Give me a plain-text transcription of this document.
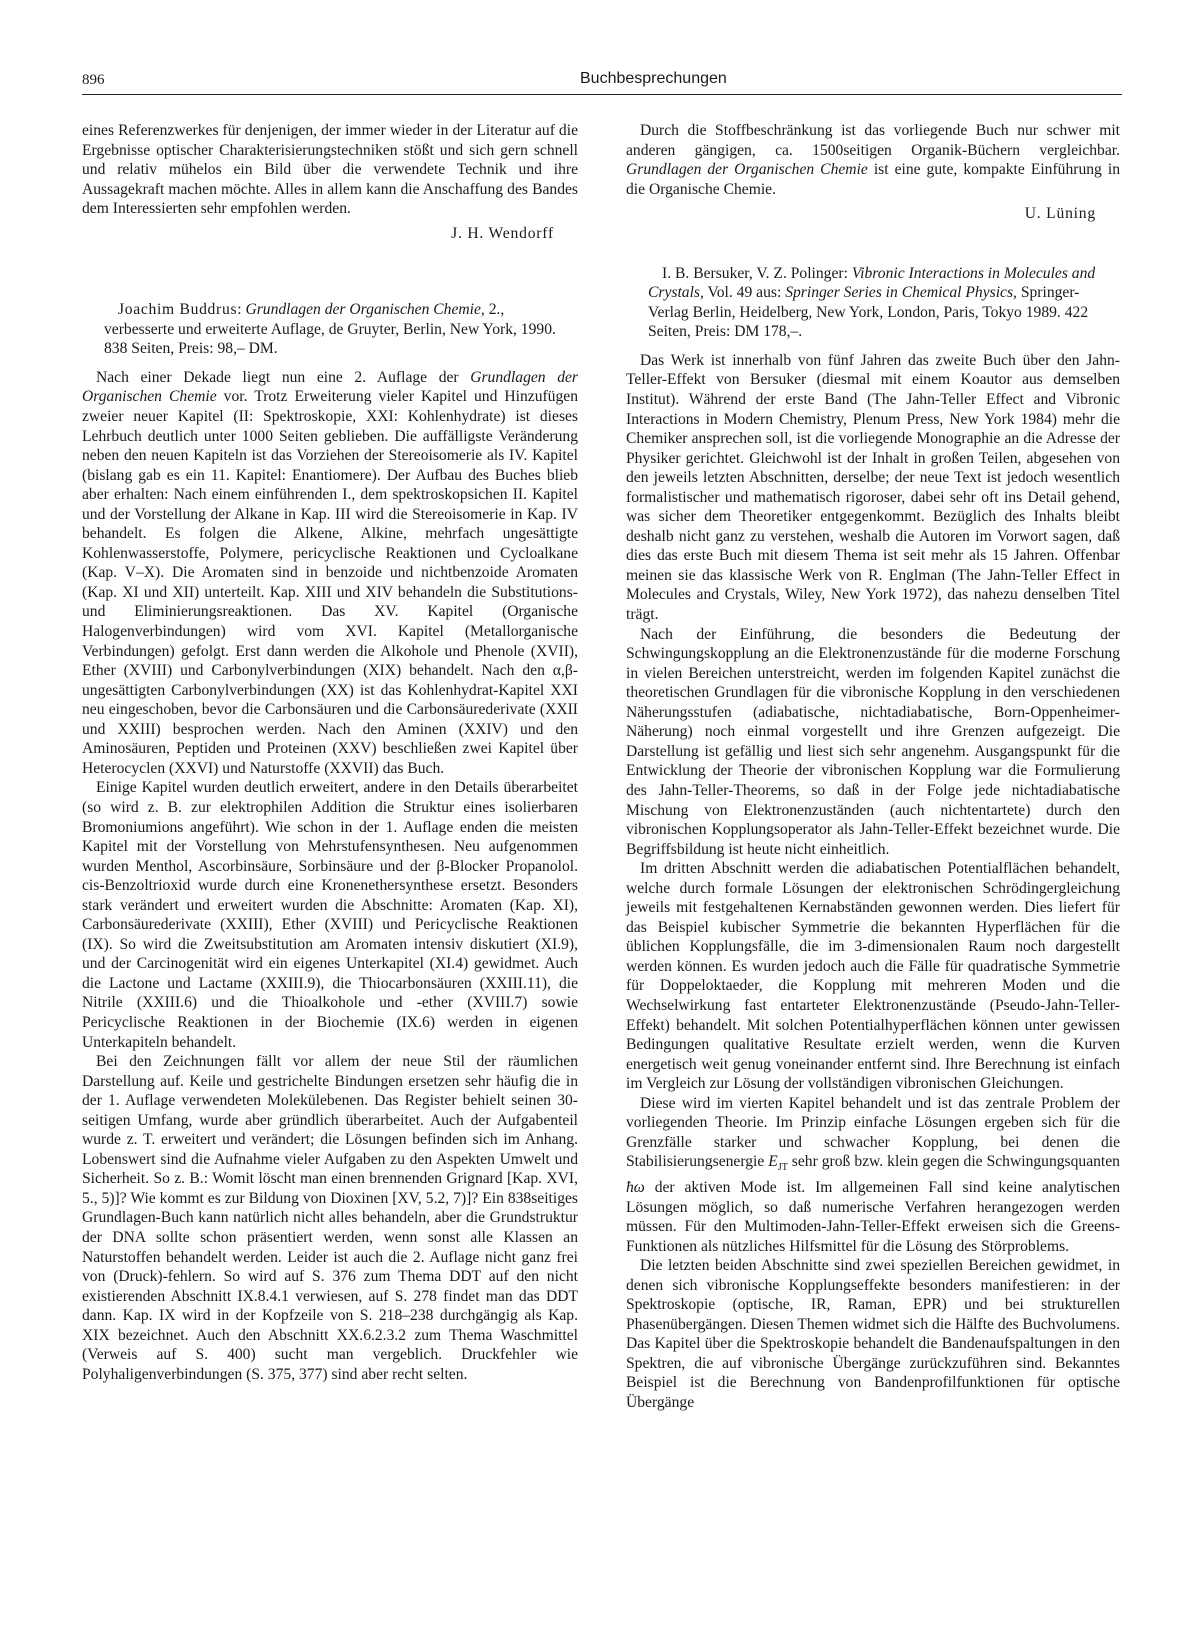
896	Buchbesprechungen

eines Referenzwerkes für denjenigen, der immer wieder in der Literatur auf die Ergebnisse optischer Charakterisierungstechniken stößt und sich gern schnell und relativ mühelos ein Bild über die verwendete Technik und ihre Aussagekraft machen möchte. Alles in allem kann die Anschaffung des Bandes dem Interessierten sehr empfohlen werden.

J. H. Wendorff

Joachim Buddrus: Grundlagen der Organischen Chemie, 2., verbesserte und erweiterte Auflage, de Gruyter, Berlin, New York, 1990. 838 Seiten, Preis: 98,– DM.

Nach einer Dekade liegt nun eine 2. Auflage der Grundlagen der Organischen Chemie vor. Trotz Erweiterung vieler Kapitel und Hinzufügen zweier neuer Kapitel (II: Spektroskopie, XXI: Kohlenhydrate) ist dieses Lehrbuch deutlich unter 1000 Seiten geblieben. Die auffälligste Veränderung neben den neuen Kapiteln ist das Vorziehen der Stereoisomerie als IV. Kapitel (bislang gab es ein 11. Kapitel: Enantiomere). Der Aufbau des Buches blieb aber erhalten: Nach einem einführenden I., dem spektroskopsichen II. Kapitel und der Vorstellung der Alkane in Kap. III wird die Stereoisomerie in Kap. IV behandelt. Es folgen die Alkene, Alkine, mehrfach ungesättigte Kohlenwasserstoffe, Polymere, pericyclische Reaktionen und Cycloalkane (Kap. V–X). Die Aromaten sind in benzoide und nichtbenzoide Aromaten (Kap. XI und XII) unterteilt. Kap. XIII und XIV behandeln die Substitutions- und Eliminierungsreaktionen. Das XV. Kapitel (Organische Halogenverbindungen) wird vom XVI. Kapitel (Metallorganische Verbindungen) gefolgt. Erst dann werden die Alkohole und Phenole (XVII), Ether (XVIII) und Carbonylverbindungen (XIX) behandelt. Nach den α,β-ungesättigten Carbonylverbindungen (XX) ist das Kohlenhydrat-Kapitel XXI neu eingeschoben, bevor die Carbonsäuren und die Carbonsäurederivate (XXII und XXIII) besprochen werden. Nach den Aminen (XXIV) und den Aminosäuren, Peptiden und Proteinen (XXV) beschließen zwei Kapitel über Heterocyclen (XXVI) und Naturstoffe (XXVII) das Buch.

Einige Kapitel wurden deutlich erweitert, andere in den Details überarbeitet (so wird z. B. zur elektrophilen Addition die Struktur eines isolierbaren Bromoniumions angeführt). Wie schon in der 1. Auflage enden die meisten Kapitel mit der Vorstellung von Mehrstufensynthesen. Neu aufgenommen wurden Menthol, Ascorbinsäure, Sorbinsäure und der β-Blocker Propanolol. cis-Benzoltrioxid wurde durch eine Kronenethersynthese ersetzt. Besonders stark verändert und erweitert wurden die Abschnitte: Aromaten (Kap. XI), Carbonsäurederivate (XXIII), Ether (XVIII) und Pericyclische Reaktionen (IX). So wird die Zweitsubstitution am Aromaten intensiv diskutiert (XI.9), und der Carcinogenität wird ein eigenes Unterkapitel (XI.4) gewidmet. Auch die Lactone und Lactame (XXIII.9), die Thiocarbonsäuren (XXIII.11), die Nitrile (XXIII.6) und die Thioalkohole und -ether (XVIII.7) sowie Pericyclische Reaktionen in der Biochemie (IX.6) werden in eigenen Unterkapiteln behandelt.

Bei den Zeichnungen fällt vor allem der neue Stil der räumlichen Darstellung auf. Keile und gestrichelte Bindungen ersetzen sehr häufig die in der 1. Auflage verwendeten Molekülebenen. Das Register behielt seinen 30-seitigen Umfang, wurde aber gründlich überarbeitet. Auch der Aufgabenteil wurde z. T. erweitert und verändert; die Lösungen befinden sich im Anhang. Lobenswert sind die Aufnahme vieler Aufgaben zu den Aspekten Umwelt und Sicherheit. So z. B.: Womit löscht man einen brennenden Grignard [Kap. XVI, 5., 5)]? Wie kommt es zur Bildung von Dioxinen [XV, 5.2, 7)]? Ein 838seitiges Grundlagen-Buch kann natürlich nicht alles behandeln, aber die Grundstruktur der DNA sollte schon präsentiert werden, wenn sonst alle Klassen an Naturstoffen behandelt werden. Leider ist auch die 2. Auflage nicht ganz frei von (Druck)-fehlern. So wird auf S. 376 zum Thema DDT auf den nicht existierenden Abschnitt IX.8.4.1 verwiesen, auf S. 278 findet man das DDT dann. Kap. IX wird in der Kopfzeile von S. 218–238 durchgängig als Kap. XIX bezeichnet. Auch den Abschnitt XX.6.2.3.2 zum Thema Waschmittel (Verweis auf S. 400) sucht man vergeblich. Druckfehler wie Polyhaligenverbindungen (S. 375, 377) sind aber recht selten.

Durch die Stoffbeschränkung ist das vorliegende Buch nur schwer mit anderen gängigen, ca. 1500seitigen Organik-Büchern vergleichbar. Grundlagen der Organischen Chemie ist eine gute, kompakte Einführung in die Organische Chemie.

U. Lüning

I. B. Bersuker, V. Z. Polinger: Vibronic Interactions in Molecules and Crystals, Vol. 49 aus: Springer Series in Chemical Physics, Springer-Verlag Berlin, Heidelberg, New York, London, Paris, Tokyo 1989. 422 Seiten, Preis: DM 178,–.

Das Werk ist innerhalb von fünf Jahren das zweite Buch über den Jahn-Teller-Effekt von Bersuker (diesmal mit einem Koautor aus demselben Institut). Während der erste Band (The Jahn-Teller Effect and Vibronic Interactions in Modern Chemistry, Plenum Press, New York 1984) mehr die Chemiker ansprechen soll, ist die vorliegende Monographie an die Adresse der Physiker gerichtet. Gleichwohl ist der Inhalt in großen Teilen, abgesehen von den jeweils letzten Abschnitten, derselbe; der neue Text ist jedoch wesentlich formalistischer und mathematisch rigoroser, dabei sehr oft ins Detail gehend, was sicher dem Theoretiker entgegenkommt. Bezüglich des Inhalts bleibt deshalb nicht ganz zu verstehen, weshalb die Autoren im Vorwort sagen, daß dies das erste Buch mit diesem Thema ist seit mehr als 15 Jahren. Offenbar meinen sie das klassische Werk von R. Englman (The Jahn-Teller Effect in Molecules and Crystals, Wiley, New York 1972), das nahezu denselben Titel trägt.

Nach der Einführung, die besonders die Bedeutung der Schwingungskopplung an die Elektronenzustände für die moderne Forschung in vielen Bereichen unterstreicht, werden im folgenden Kapitel zunächst die theoretischen Grundlagen für die vibronische Kopplung in den verschiedenen Näherungsstufen (adiabatische, nichtadiabatische, Born-Oppenheimer-Näherung) noch einmal vorgestellt und ihre Grenzen aufgezeigt. Die Darstellung ist gefällig und liest sich sehr angenehm. Ausgangspunkt für die Entwicklung der Theorie der vibronischen Kopplung war die Formulierung des Jahn-Teller-Theorems, so daß in der Folge jede nichtadiabatische Mischung von Elektronenzuständen (auch nichtentartete) durch den vibronischen Kopplungsoperator als Jahn-Teller-Effekt bezeichnet wurde. Die Begriffsbildung ist heute nicht einheitlich.

Im dritten Abschnitt werden die adiabatischen Potentialflächen behandelt, welche durch formale Lösungen der elektronischen Schrödingergleichung jeweils mit festgehaltenen Kernabständen gewonnen werden. Dies liefert für das Beispiel kubischer Symmetrie die bekannten Hyperflächen für die üblichen Kopplungsfälle, die im 3-dimensionalen Raum noch dargestellt werden können. Es wurden jedoch auch die Fälle für quadratische Symmetrie für Doppeloktaeder, die Kopplung mit mehreren Moden und die Wechselwirkung fast entarteter Elektronenzustände (Pseudo-Jahn-Teller-Effekt) behandelt. Mit solchen Potentialhyperflächen können unter gewissen Bedingungen qualitative Resultate erzielt werden, wenn die Kurven energetisch weit genug voneinander entfernt sind. Ihre Berechnung ist einfach im Vergleich zur Lösung der vollständigen vibronischen Gleichungen.

Diese wird im vierten Kapitel behandelt und ist das zentrale Problem der vorliegenden Theorie. Im Prinzip einfache Lösungen ergeben sich für die Grenzfälle starker und schwacher Kopplung, bei denen die Stabilisierungsenergie $E_{JT}$ sehr groß bzw. klein gegen die Schwingungsquanten ħω der aktiven Mode ist. Im allgemeinen Fall sind keine analytischen Lösungen möglich, so daß numerische Verfahren herangezogen werden müssen. Für den Multimoden-Jahn-Teller-Effekt erweisen sich die Greens-Funktionen als nützliches Hilfsmittel für die Lösung des Störproblems.

Die letzten beiden Abschnitte sind zwei speziellen Bereichen gewidmet, in denen sich vibronische Kopplungseffekte besonders manifestieren: in der Spektroskopie (optische, IR, Raman, EPR) und bei strukturellen Phasenübergängen. Diesen Themen widmet sich die Hälfte des Buchvolumens. Das Kapitel über die Spektroskopie behandelt die Bandenaufspaltungen in den Spektren, die auf vibronische Übergänge zurückzuführen sind. Bekanntes Beispiel ist die Berechnung von Bandenprofilfunktionen für optische Übergänge
